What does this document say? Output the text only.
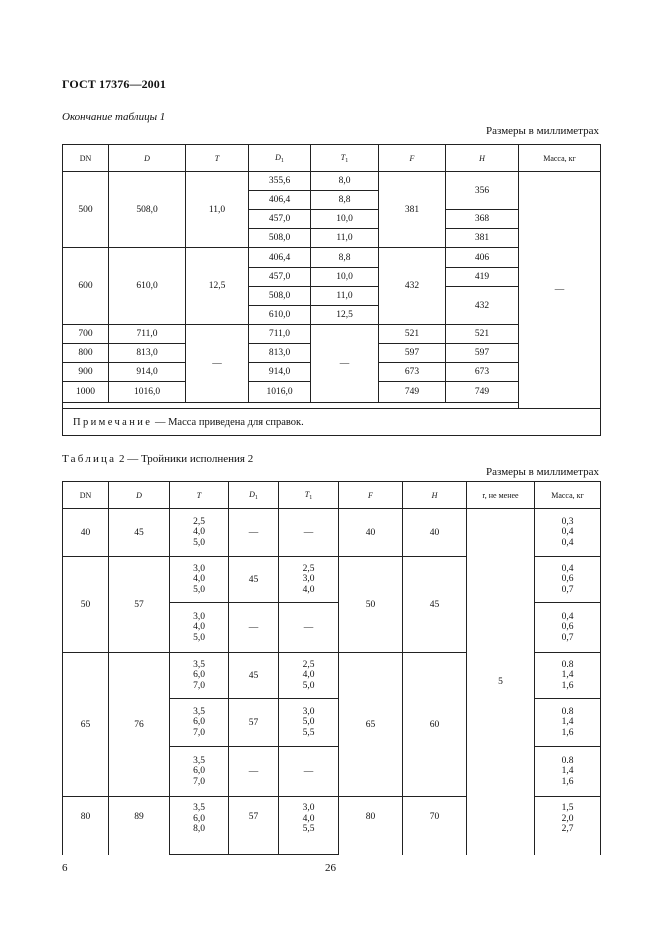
ГОСТ 17376—2001
Окончание таблицы 1
Размеры в миллиметрах
DN	D	T	$D_1$	$T_1$	F	H	Масса, кг
500	508,0	11,0	355,6	8,0	381	356	—
			406,4	8,8			
			457,0	10,0		368	
			508,0	11,0		381	
600	610,0	12,5	406,4	8,8	432	406	
			457,0	10,0		419	
			508,0	11,0		432	
			610,0	12,5			
700	711,0	—	711,0	—	521	521	
800	813,0		813,0		597	597	
900	914,0		914,0		673	673	
1000	1016,0		1016,0		749	749	

Примечание — Масса приведена для справок.							
Таблица 2 — Тройники исполнения 2
Размеры в миллиметрах
DN	D	T	$D_1$	$T_1$	F	H	r, не менее	Масса, кг
40	45	2,5
4,0
5,0	—	—	40	40	5	0,3
0,4
0,4

50	57	3,0
4,0
5,0	45	2,5
3,0
4,0	50	45		0,4
0,6
0,7

		3,0
4,0
5,0	—	—				0,4
0,6
0,7

65	76	3,5
6,0
7,0	45	2,5
4,0
5,0	65	60		0.8
1,4
1,6

		3,5
6,0
7,0	57	3,0
5,0
5,5				0.8
1,4
1,6

		3,5
6,0
7,0	—	—				0.8
1,4
1,6

80	89	3,5
6,0
8,0	57	3,0
4,0
5,5	80	70		1,5
2,0
2,7
6	26
